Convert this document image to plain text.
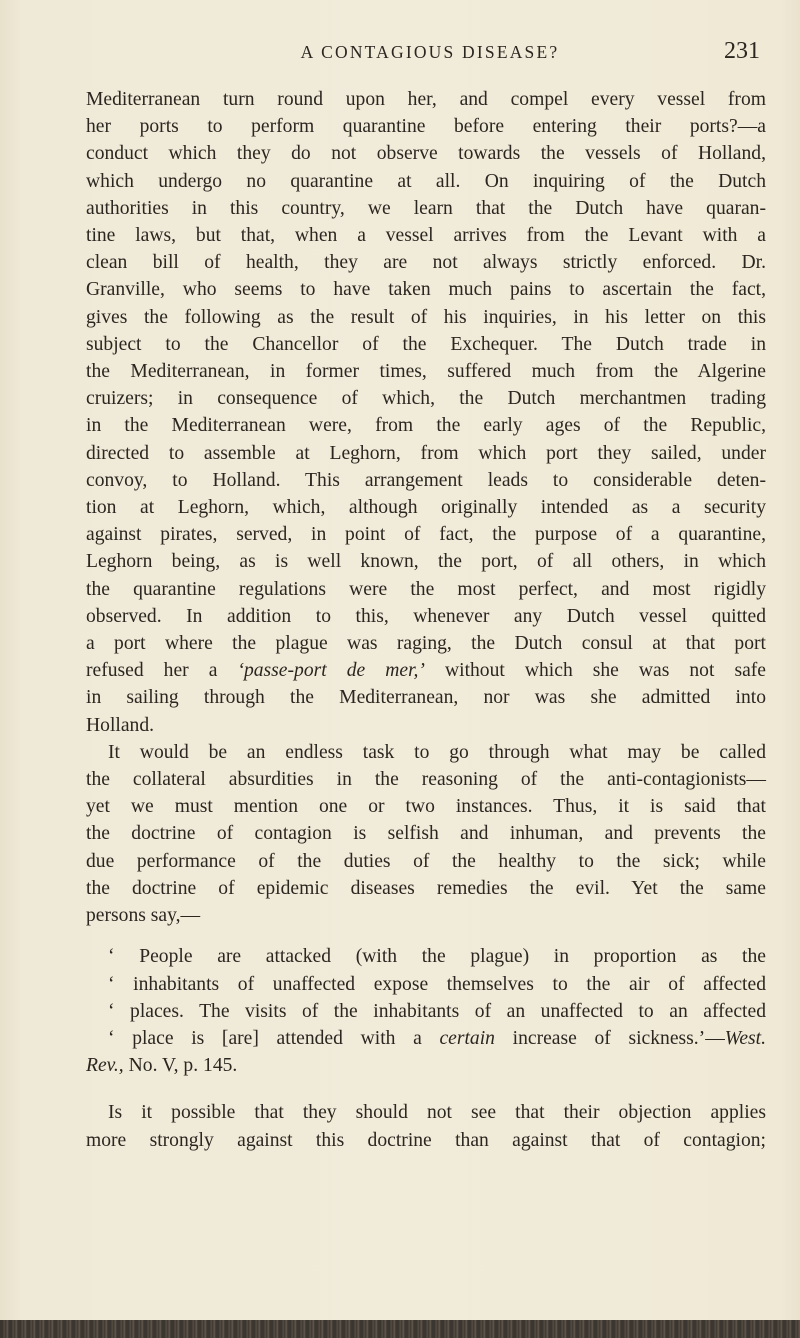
A CONTAGIOUS DISEASE?	231

Mediterranean turn round upon her, and compel every vessel from

her ports to perform quarantine before entering their ports?—a

conduct which they do not observe towards the vessels of Holland,

which undergo no quarantine at all. On inquiring of the Dutch

authorities in this country, we learn that the Dutch have quaran-

tine laws, but that, when a vessel arrives from the Levant with a

clean bill of health, they are not always strictly enforced. Dr.

Granville, who seems to have taken much pains to ascertain the fact,

gives the following as the result of his inquiries, in his letter on this

subject to the Chancellor of the Exchequer. The Dutch trade in

the Mediterranean, in former times, suffered much from the Algerine

cruizers; in consequence of which, the Dutch merchantmen trading

in the Mediterranean were, from the early ages of the Republic,

directed to assemble at Leghorn, from which port they sailed, under

convoy, to Holland. This arrangement leads to considerable deten-

tion at Leghorn, which, although originally intended as a security

against pirates, served, in point of fact, the purpose of a quarantine,

Leghorn being, as is well known, the port, of all others, in which

the quarantine regulations were the most perfect, and most rigidly

observed. In addition to this, whenever any Dutch vessel quitted

a port where the plague was raging, the Dutch consul at that port

refused her a ‘passe-port de mer,’ without which she was not safe

in sailing through the Mediterranean, nor was she admitted into

Holland.

It would be an endless task to go through what may be called

the collateral absurdities in the reasoning of the anti-contagionists—

yet we must mention one or two instances. Thus, it is said that

the doctrine of contagion is selfish and inhuman, and prevents the

due performance of the duties of the healthy to the sick; while

the doctrine of epidemic diseases remedies the evil. Yet the same

persons say,—

‘ People are attacked (with the plague) in proportion as the

‘ inhabitants of unaffected expose themselves to the air of affected

‘ places. The visits of the inhabitants of an unaffected to an affected

‘ place is [are] attended with a certain increase of sickness.’—West.

Rev., No. V, p. 145.

Is it possible that they should not see that their objection applies

more strongly against this doctrine than against that of contagion;
